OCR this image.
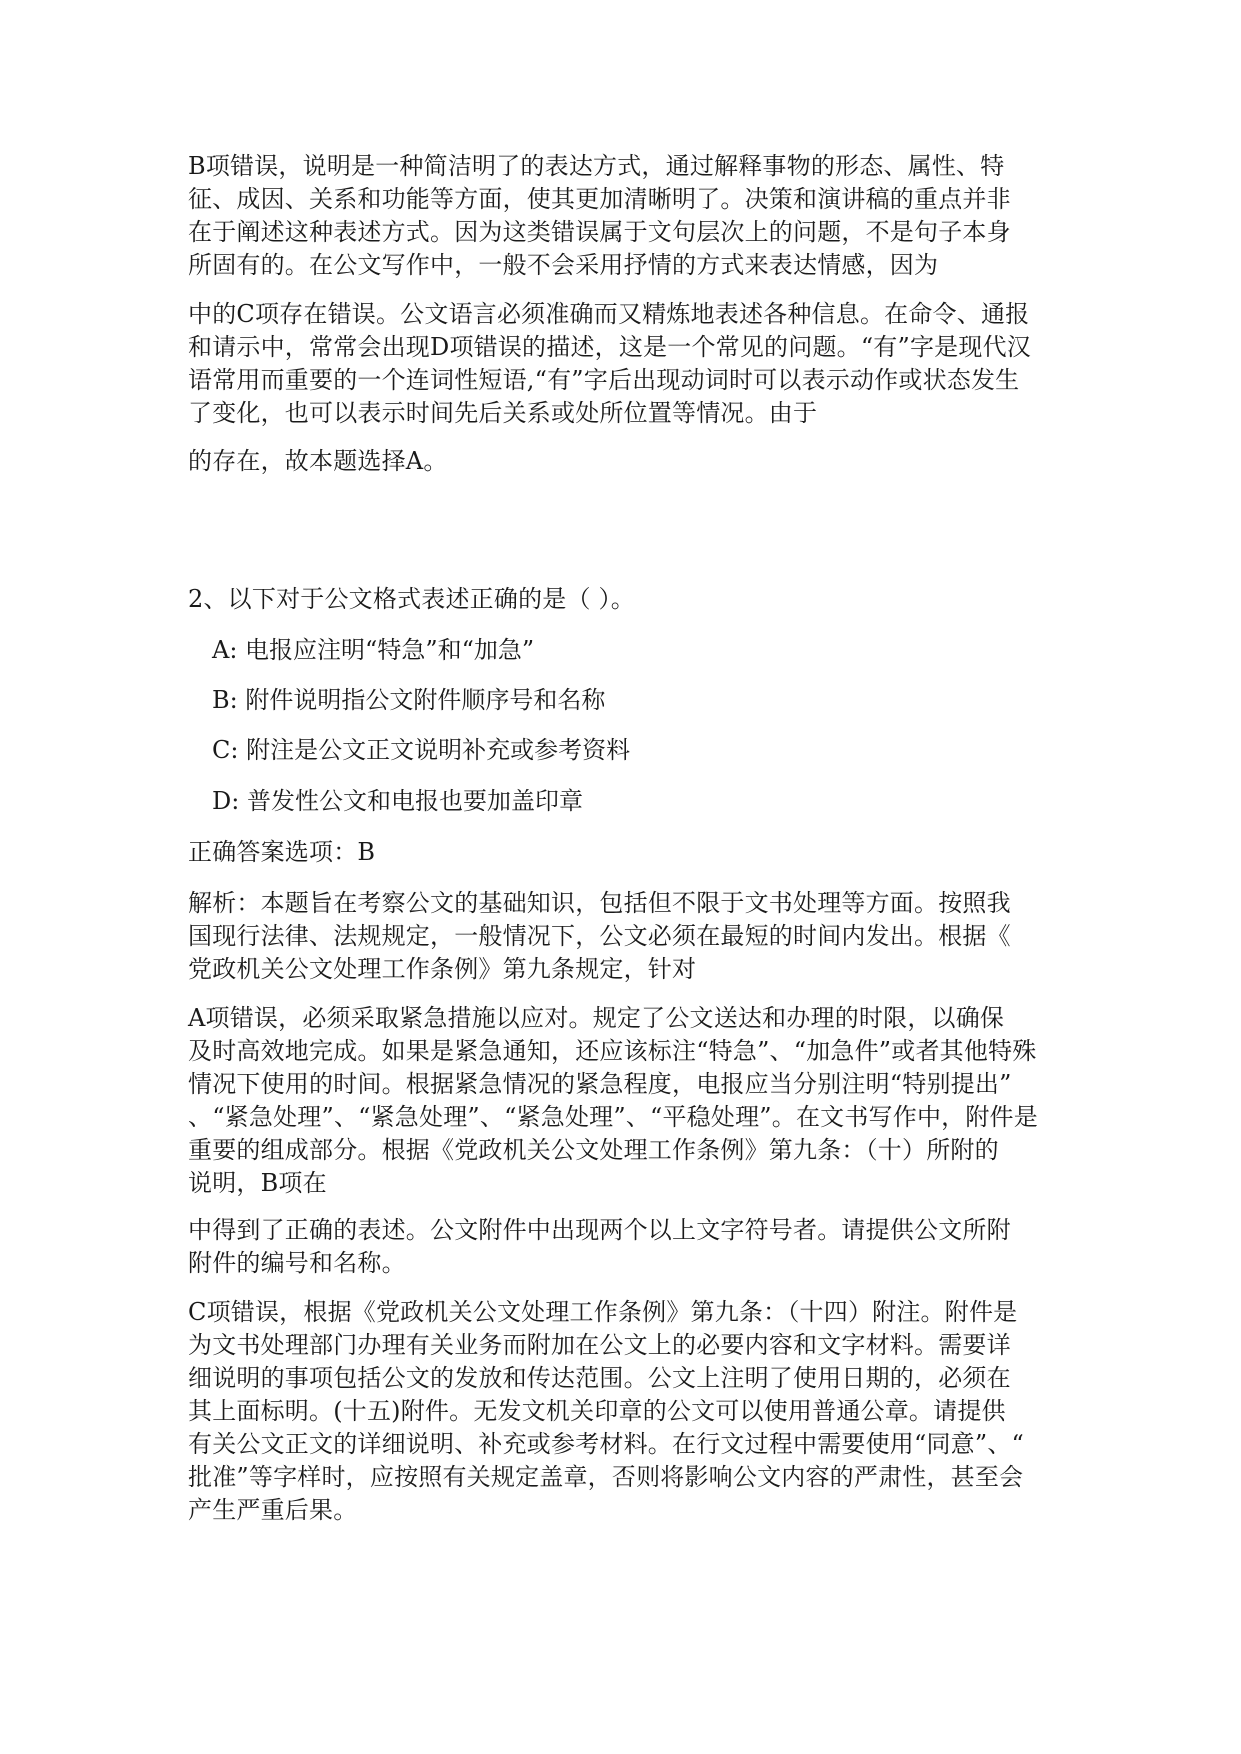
B项错误，说明是一种简洁明了的表达方式，通过解释事物的形态、属性、特
征、成因、关系和功能等方面，使其更加清晰明了。决策和演讲稿的重点并非
在于阐述这种表述方式。因为这类错误属于文句层次上的问题，不是句子本身
所固有的。在公文写作中，一般不会采用抒情的方式来表达情感，因为
中的C项存在错误。公文语言必须准确而又精炼地表述各种信息。在命令、通报
和请示中，常常会出现D项错误的描述，这是一个常见的问题。“有”字是现代汉
语常用而重要的一个连词性短语,“有”字后出现动词时可以表示动作或状态发生
了变化，也可以表示时间先后关系或处所位置等情况。由于
的存在，故本题选择A。
2、以下对于公文格式表述正确的是（ ）。
A: 电报应注明“特急”和“加急”
B: 附件说明指公文附件顺序号和名称
C: 附注是公文正文说明补充或参考资料
D: 普发性公文和电报也要加盖印章
正确答案选项：B
解析：本题旨在考察公文的基础知识，包括但不限于文书处理等方面。按照我
国现行法律、法规规定，一般情况下，公文必须在最短的时间内发出。根据《
党政机关公文处理工作条例》第九条规定，针对
A项错误，必须采取紧急措施以应对。规定了公文送达和办理的时限，以确保
及时高效地完成。如果是紧急通知，还应该标注“特急”、“加急件”或者其他特殊
情况下使用的时间。根据紧急情况的紧急程度，电报应当分别注明“特别提出”
、“紧急处理”、“紧急处理”、“紧急处理”、“平稳处理”。在文书写作中，附件是
重要的组成部分。根据《党政机关公文处理工作条例》第九条：（十）所附的
说明，B项在
中得到了正确的表述。公文附件中出现两个以上文字符号者。请提供公文所附
附件的编号和名称。
C项错误，根据《党政机关公文处理工作条例》第九条：（十四）附注。附件是
为文书处理部门办理有关业务而附加在公文上的必要内容和文字材料。需要详
细说明的事项包括公文的发放和传达范围。公文上注明了使用日期的，必须在
其上面标明。(十五)附件。无发文机关印章的公文可以使用普通公章。请提供
有关公文正文的详细说明、补充或参考材料。在行文过程中需要使用“同意”、“
批准”等字样时，应按照有关规定盖章，否则将影响公文内容的严肃性，甚至会
产生严重后果。
